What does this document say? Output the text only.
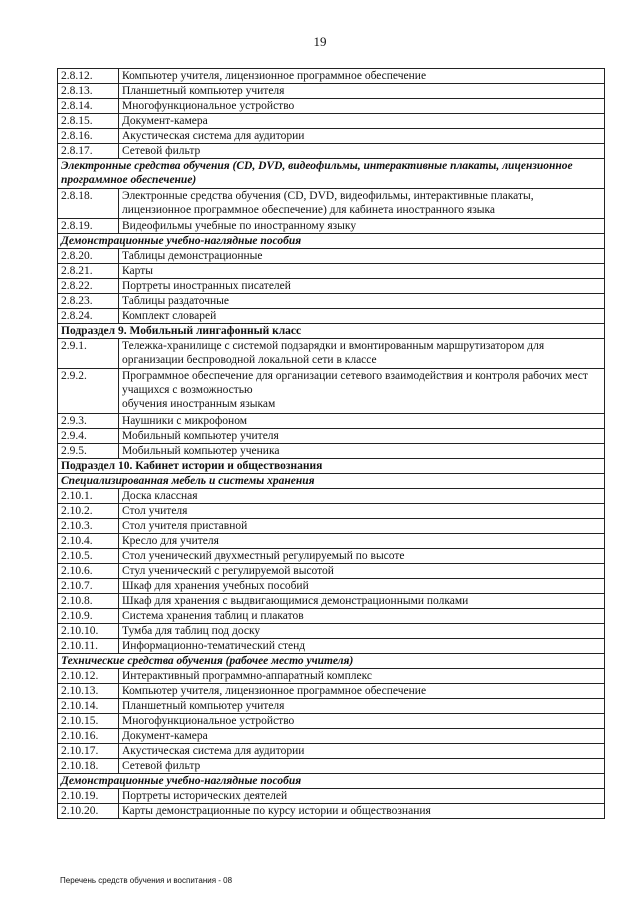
19
2.8.12.	Компьютер учителя, лицензионное программное обеспечение
2.8.13.	Планшетный компьютер учителя
2.8.14.	Многофункциональное устройство
2.8.15.	Документ-камера
2.8.16.	Акустическая система для аудитории
2.8.17.	Сетевой фильтр
Электронные средства обучения (CD, DVD, видеофильмы, интерактивные плакаты, лицензионное программное обеспечение)	
2.8.18.	Электронные средства обучения (CD, DVD, видеофильмы, интерактивные плакаты, лицензионное программное обеспечение) для кабинета иностранного языка
2.8.19.	Видеофильмы учебные по иностранному языку
Демонстрационные учебно-наглядные пособия	
2.8.20.	Таблицы демонстрационные
2.8.21.	Карты
2.8.22.	Портреты иностранных писателей
2.8.23.	Таблицы раздаточные
2.8.24.	Комплект словарей
Подраздел 9. Мобильный лингафонный класс	
2.9.1.	Тележка-хранилище с системой подзарядки и вмонтированным маршрутизатором для организации беспроводной локальной сети в классе
2.9.2.	Программное обеспечение для организации сетевого взаимодействия и контроля рабочих мест учащихся с возможностью
обучения иностранным языкам
2.9.3.	Наушники с микрофоном
2.9.4.	Мобильный компьютер учителя
2.9.5.	Мобильный компьютер ученика
Подраздел 10. Кабинет истории и обществознания	
Специализированная мебель и системы хранения	
2.10.1.	Доска классная
2.10.2.	Стол учителя
2.10.3.	Стол учителя приставной
2.10.4.	Кресло для учителя
2.10.5.	Стол ученический двухместный регулируемый по высоте
2.10.6.	Стул ученический с регулируемой высотой
2.10.7.	Шкаф для хранения учебных пособий
2.10.8.	Шкаф для хранения с выдвигающимися демонстрационными полками
2.10.9.	Система хранения таблиц и плакатов
2.10.10.	Тумба для таблиц под доску
2.10.11.	Информационно-тематический стенд
Технические средства обучения (рабочее место учителя)	
2.10.12.	Интерактивный программно-аппаратный комплекс
2.10.13.	Компьютер учителя, лицензионное программное обеспечение
2.10.14.	Планшетный компьютер учителя
2.10.15.	Многофункциональное устройство
2.10.16.	Документ-камера
2.10.17.	Акустическая система для аудитории
2.10.18.	Сетевой фильтр
Демонстрационные учебно-наглядные пособия	
2.10.19.	Портреты исторических деятелей
2.10.20.	Карты демонстрационные по курсу истории и обществознания
Перечень средств обучения и воспитания - 08
